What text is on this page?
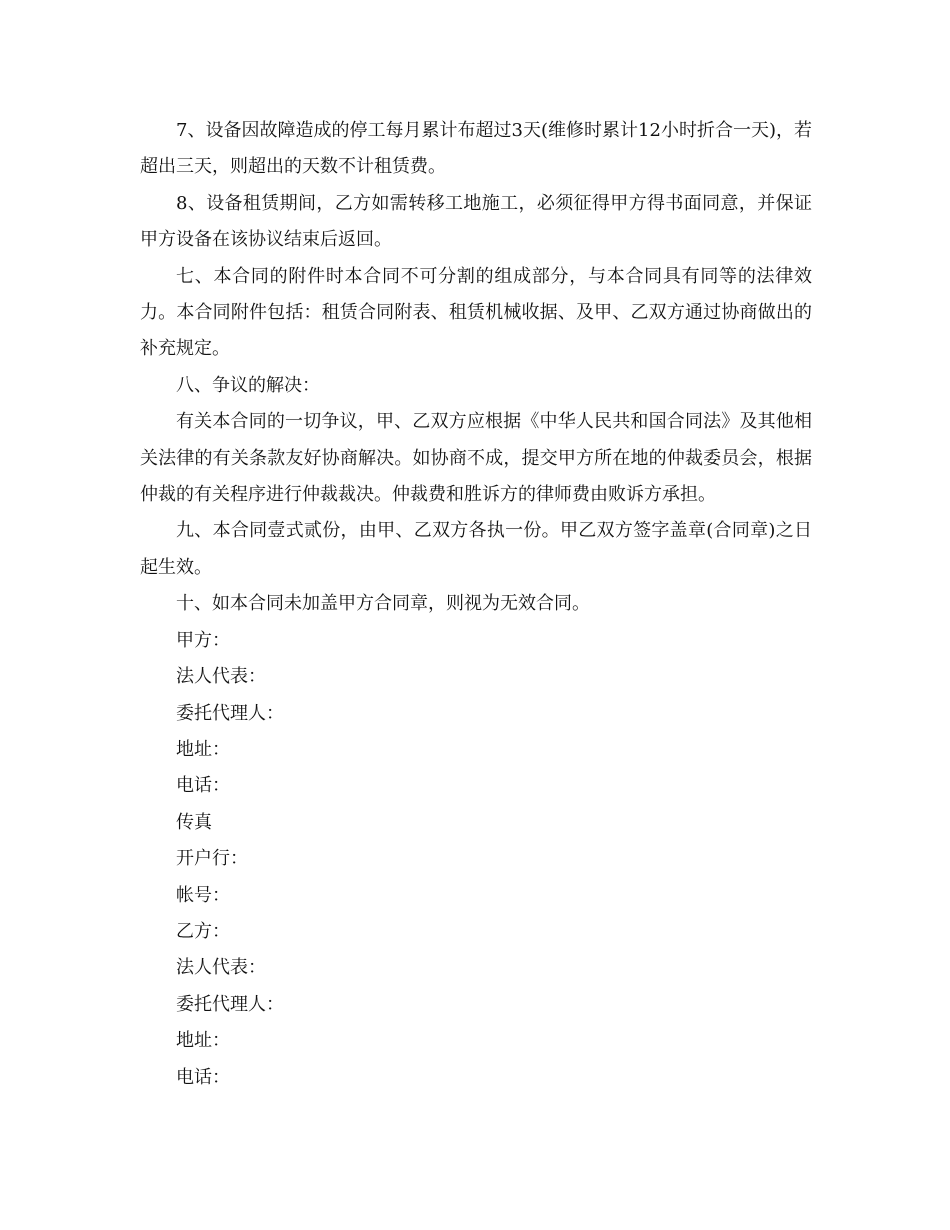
7、设备因故障造成的停工每月累计布超过3天(维修时累计12小时折合一天)，若超出三天，则超出的天数不计租赁费。

8、设备租赁期间，乙方如需转移工地施工，必须征得甲方得书面同意，并保证甲方设备在该协议结束后返回。

七、本合同的附件时本合同不可分割的组成部分，与本合同具有同等的法律效力。本合同附件包括：租赁合同附表、租赁机械收据、及甲、乙双方通过协商做出的补充规定。

八、争议的解决：

有关本合同的一切争议，甲、乙双方应根据《中华人民共和国合同法》及其他相关法律的有关条款友好协商解决。如协商不成，提交甲方所在地的仲裁委员会，根据仲裁的有关程序进行仲裁裁决。仲裁费和胜诉方的律师费由败诉方承担。

九、本合同壹式贰份，由甲、乙双方各执一份。甲乙双方签字盖章(合同章)之日起生效。

十、如本合同未加盖甲方合同章，则视为无效合同。

甲方：

法人代表：

委托代理人：

地址：

电话：

传真

开户行：

帐号：

乙方：

法人代表：

委托代理人：

地址：

电话：
